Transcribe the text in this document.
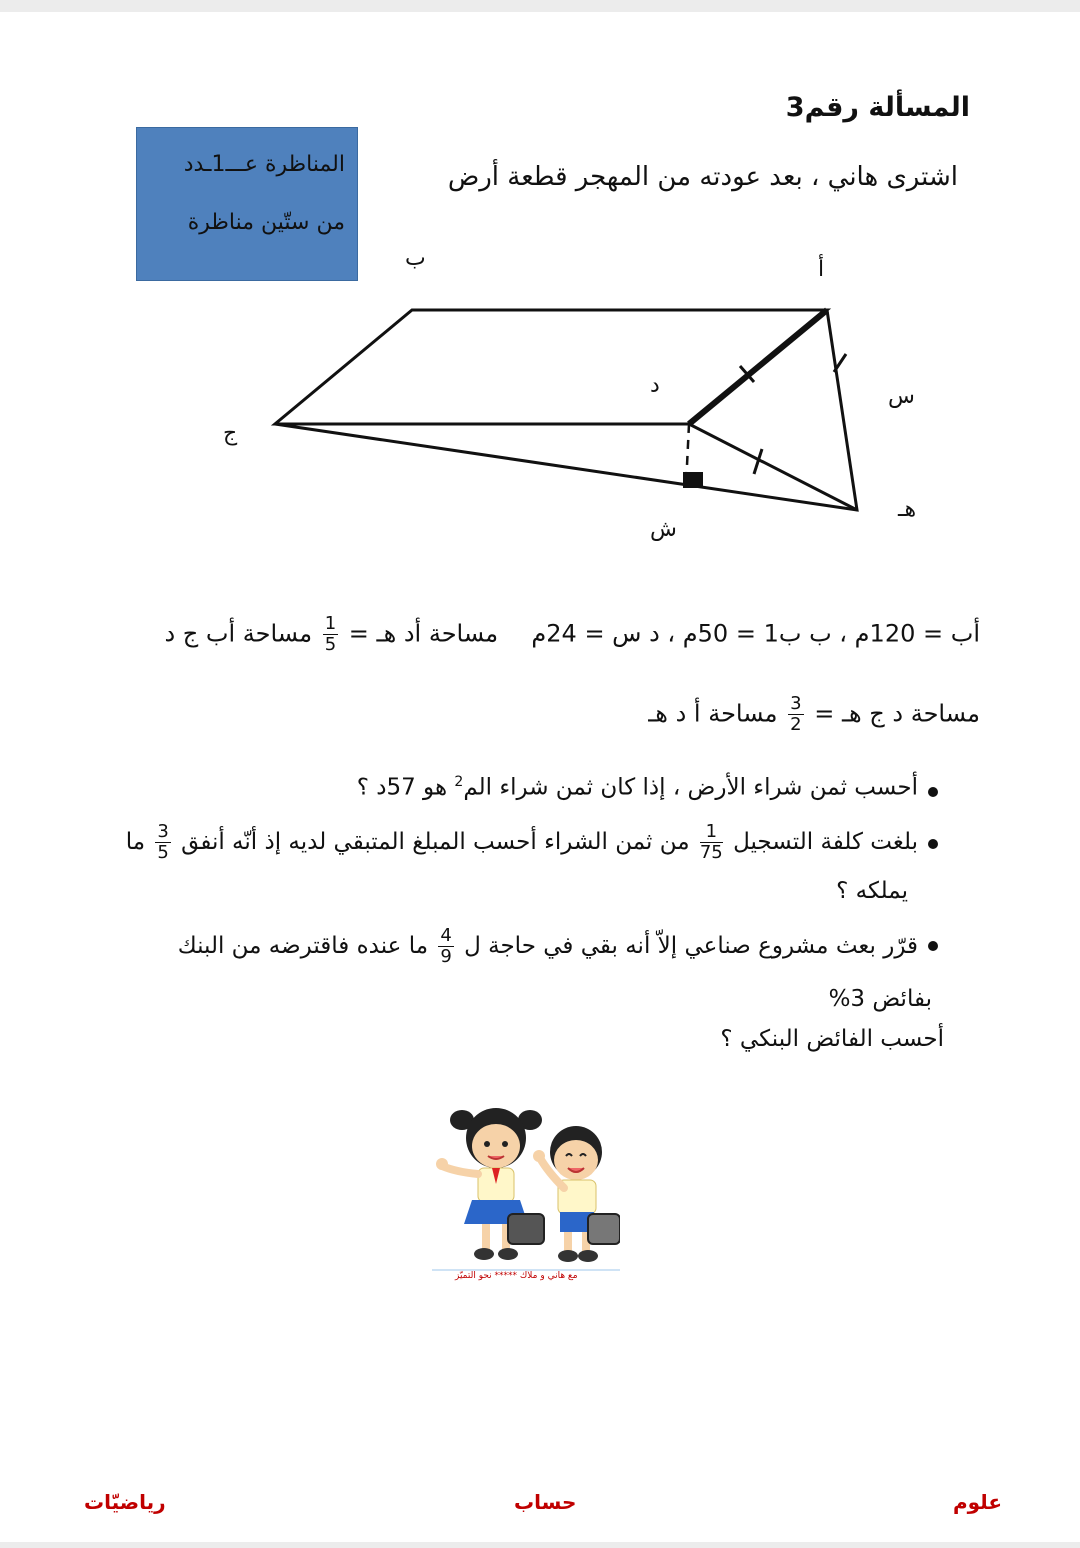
المسألة رقم3
المناظرة عـــ1ـدد
من ستّين مناظرة
اشترى هاني ، بعد عودته من المهجر قطعة أرض
ب	أ
ج
د	س
هـ
ش
أب = 120م ، ب ب1 = 50م ، د س = 24م  مساحة أد هـ =
$\frac{1}{5}$
مساحة أب ج د
مساحة د ج هـ =
$\frac{3}{2}$
مساحة أ د هـ
أحسب ثمن شراء الأرض ، إذا كان ثمن شراء الم$^2$ هو 57د ؟
بلغت كلفة التسجيل
$\frac{1}{75}$
من ثمن الشراء أحسب المبلغ المتبقي لديه إذ أنّه أنفق
$\frac{3}{5}$
ما
يملكه ؟
قرّر بعث مشروع صناعي إلاّ أنه بقي في حاجة ل
$\frac{4}{9}$
ما عنده فاقترضه من البنك
بفائض 3%
أحسب الفائض البنكي ؟
مع هاني و ملاك ***** نحو التميّز
علوم
حساب
رياضيّات
